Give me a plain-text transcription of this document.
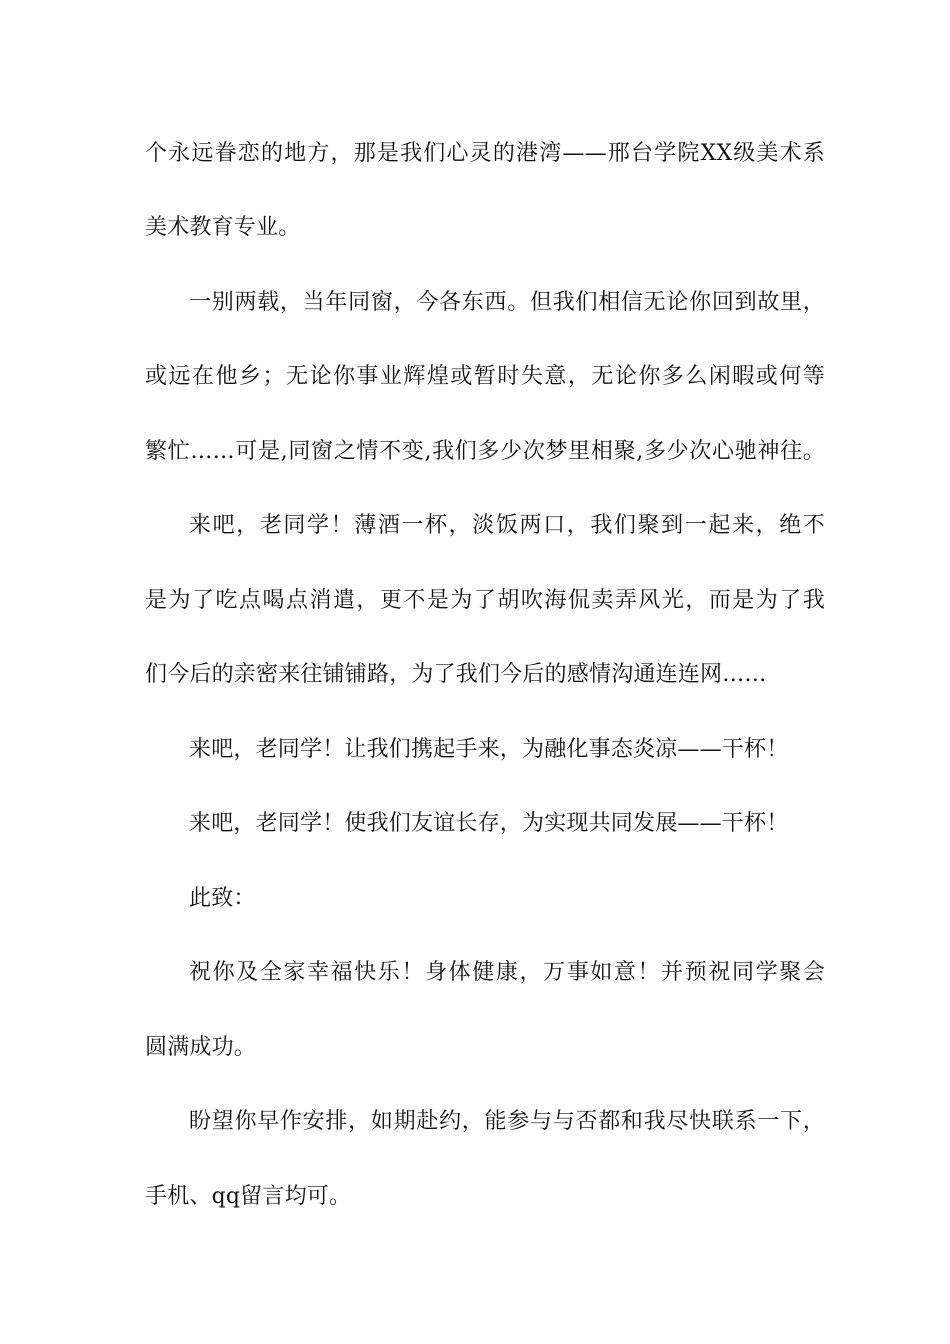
个永远眷恋的地方，那是我们心灵的港湾——邢台学院XX级美术系
美术教育专业。
一别两载，当年同窗，今各东西。但我们相信无论你回到故里，
或远在他乡；无论你事业辉煌或暂时失意，无论你多么闲暇或何等
繁忙……可是,同窗之情不变,我们多少次梦里相聚,多少次心驰神往。
来吧，老同学！薄酒一杯，淡饭两口，我们聚到一起来，绝不
是为了吃点喝点消遣，更不是为了胡吹海侃卖弄风光，而是为了我
们今后的亲密来往铺铺路，为了我们今后的感情沟通连连网……
来吧，老同学！让我们携起手来，为融化事态炎凉——干杯！
来吧，老同学！使我们友谊长存，为实现共同发展——干杯！
此致：
祝你及全家幸福快乐！身体健康，万事如意！并预祝同学聚会
圆满成功。
盼望你早作安排，如期赴约，能参与与否都和我尽快联系一下，
手机、qq留言均可。
